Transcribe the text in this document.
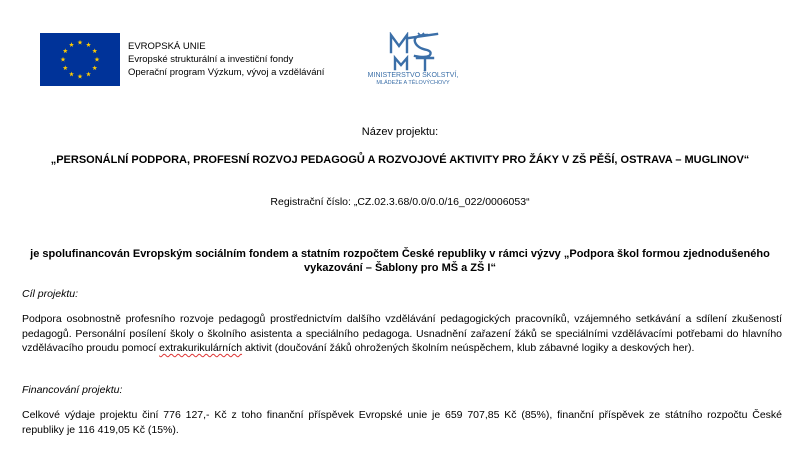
EVROPSKÁ UNIE
Evropské strukturální a investiční fondy
Operační program Výzkum, vývoj a vzdělávání	MINISTERSTVO ŠKOLSTVÍ,
MLÁDEŽE A TĚLOVÝCHOVY
Název projektu:
„PERSONÁLNÍ PODPORA, PROFESNÍ ROZVOJ PEDAGOGŮ A ROZVOJOVÉ AKTIVITY PRO ŽÁKY V ZŠ PĚŠÍ, OSTRAVA – MUGLINOV“
Registrační číslo: „CZ.02.3.68/0.0/0.0/16_022/0006053“
je spolufinancován Evropským sociálním fondem a statním rozpočtem České republiky v rámci výzvy „Podpora škol formou zjednodušeného vykazování – Šablony pro MŠ a ZŠ I“
Cíl projektu:
Podpora osobnostně profesního rozvoje pedagogů prostřednictvím dalšího vzdělávání pedagogických pracovníků, vzájemného setkávání a sdílení zkušeností pedagogů. Personální posílení školy o školního asistenta a speciálního pedagoga. Usnadnění zařazení žáků se speciálními vzdělávacími potřebami do hlavního vzdělávacího proudu pomocí extrakurikulárních aktivit (doučování žáků ohrožených školním neúspěchem, klub zábavné logiky a deskových her).
Financování projektu:
Celkové výdaje projektu činí 776 127,- Kč z toho finanční příspěvek Evropské unie je 659 707,85 Kč (85%), finanční příspěvek ze státního rozpočtu České republiky je 116 419,05 Kč (15%).
